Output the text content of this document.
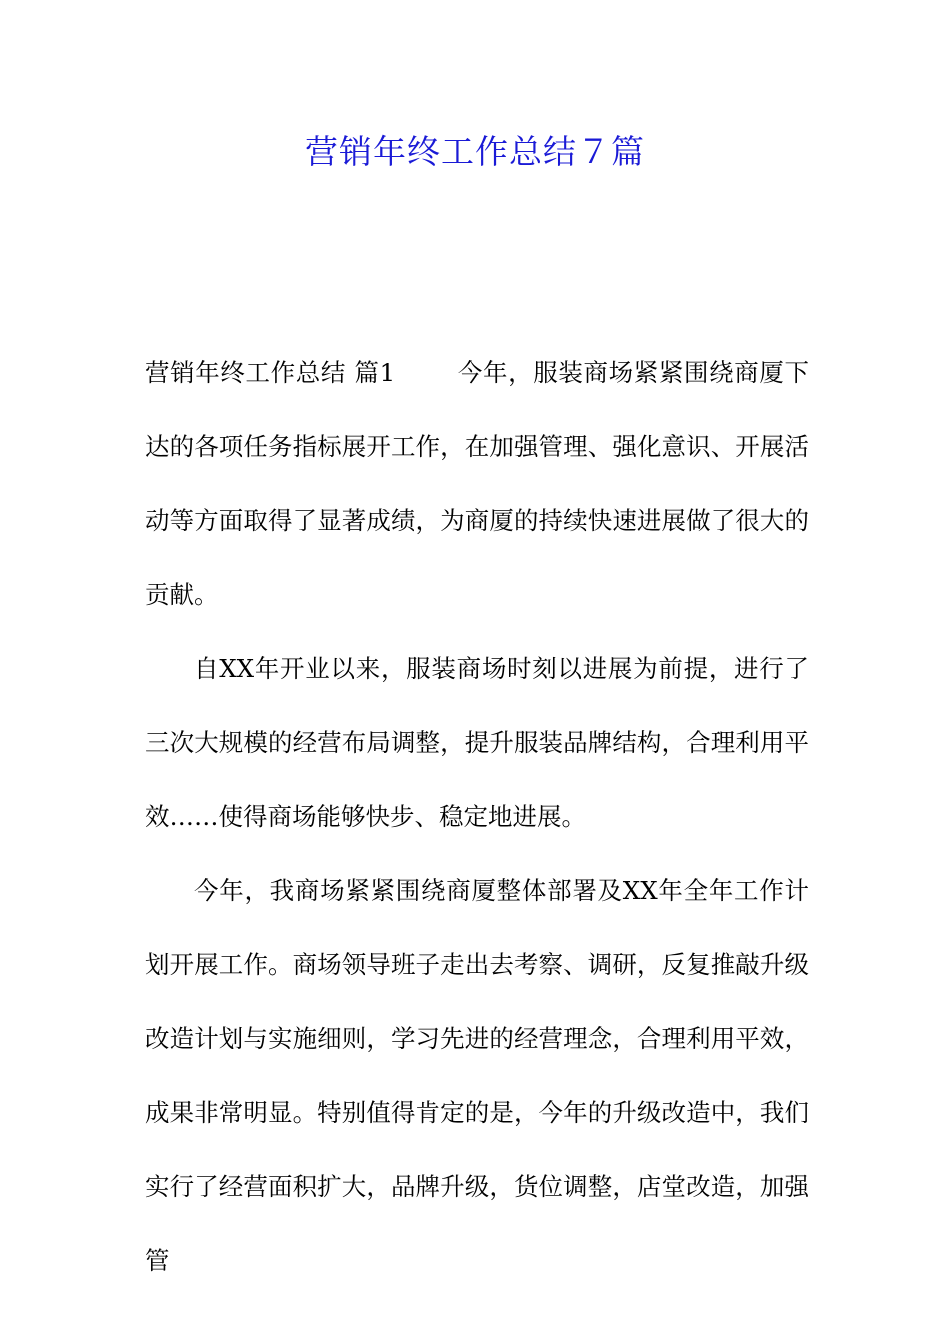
营销年终工作总结７篇

营销年终工作总结 篇1	今年，服装商场紧紧围绕商厦下达的各项任务指标展开工作，在加强管理、强化意识、开展活动等方面取得了显著成绩，为商厦的持续快速进展做了很大的贡献。

自XX年开业以来，服装商场时刻以进展为前提，进行了三次大规模的经营布局调整，提升服装品牌结构，合理利用平效……使得商场能够快步、稳定地进展。

今年，我商场紧紧围绕商厦整体部署及XX年全年工作计划开展工作。商场领导班子走出去考察、调研，反复推敲升级改造计划与实施细则，学习先进的经营理念，合理利用平效，成果非常明显。特别值得肯定的是，今年的升级改造中，我们实行了经营面积扩大，品牌升级，货位调整，店堂改造，加强管
